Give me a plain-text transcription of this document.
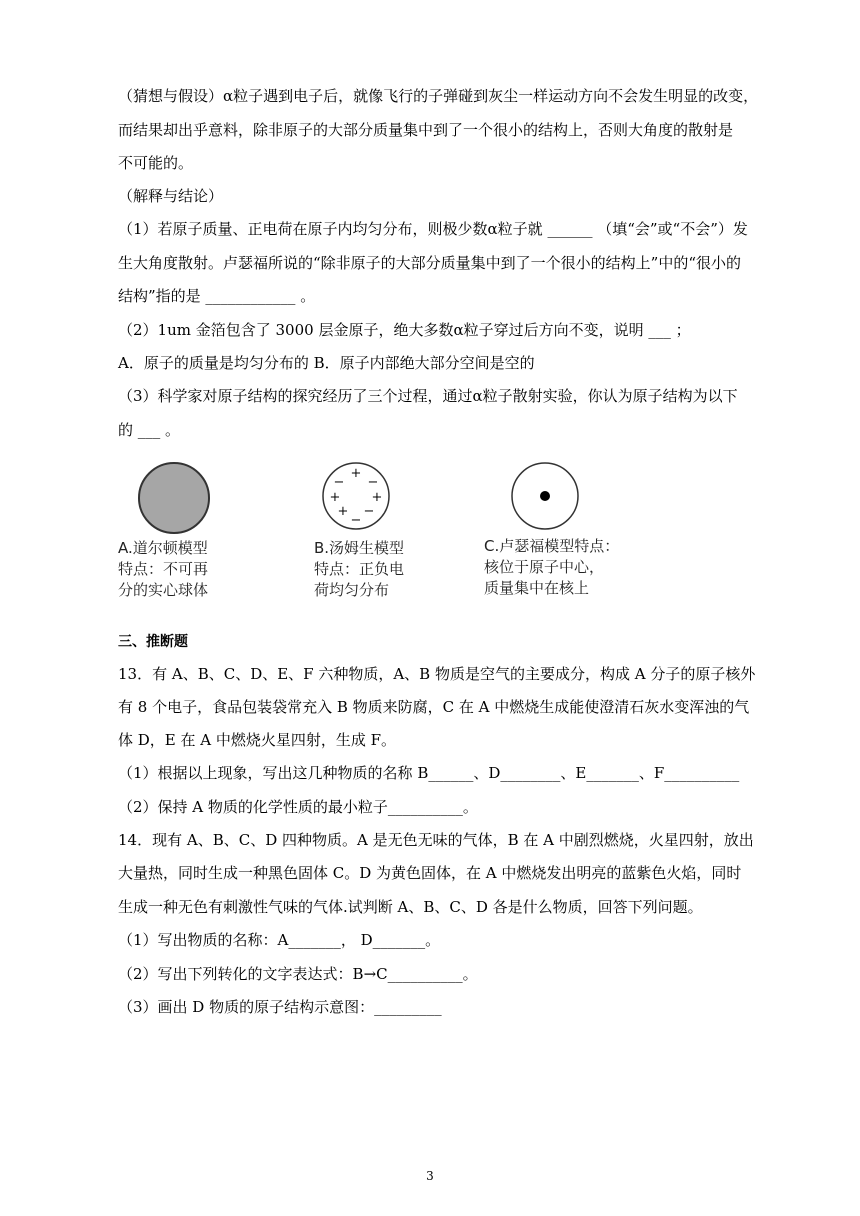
（猜想与假设）α粒子遇到电子后，就像飞行的子弹碰到灰尘一样运动方向不会发生明显的改变，
而结果却出乎意料，除非原子的大部分质量集中到了一个很小的结构上，否则大角度的散射是
不可能的。
（解释与结论）
（1）若原子质量、正电荷在原子内均匀分布，则极少数α粒子就 ______ （填“会”或“不会”）发
生大角度散射。卢瑟福所说的“除非原子的大部分质量集中到了一个很小的结构上”中的“很小的
结构”指的是 ____________ 。
（2）1um 金箔包含了 3000 层金原子，绝大多数α粒子穿过后方向不变，说明 ___ ；
A．原子的质量是均匀分布的 B．原子内部绝大部分空间是空的
（3）科学家对原子结构的探究经历了三个过程，通过α粒子散射实验，你认为原子结构为以下
的 ___ 。
A.道尔顿模型
特点：不可再
分的实心球体
+
− −
+ +
+ −
−
B.汤姆生模型
特点：正负电
荷均匀分布
C.卢瑟福模型特点：
核位于原子中心，
质量集中在核上
三、推断题
13．有 A、B、C、D、E、F 六种物质，A、B 物质是空气的主要成分，构成 A 分子的原子核外
有 8 个电子，食品包装袋常充入 B 物质来防腐，C 在 A 中燃烧生成能使澄清石灰水变浑浊的气
体 D，E 在 A 中燃烧火星四射，生成 F。
（1）根据以上现象，写出这几种物质的名称 B______、D________、E_______、F__________
（2）保持 A 物质的化学性质的最小粒子__________。
14．现有 A、B、C、D 四种物质。A 是无色无味的气体，B 在 A 中剧烈燃烧，火星四射，放出
大量热，同时生成一种黑色固体 C。D 为黄色固体，在 A 中燃烧发出明亮的蓝紫色火焰，同时
生成一种无色有刺激性气味的气体.试判断 A、B、C、D 各是什么物质，回答下列问题。
（1）写出物质的名称：A_______， D_______。
（2）写出下列转化的文字表达式：B→C__________。
（3）画出 D 物质的原子结构示意图：_________
3
